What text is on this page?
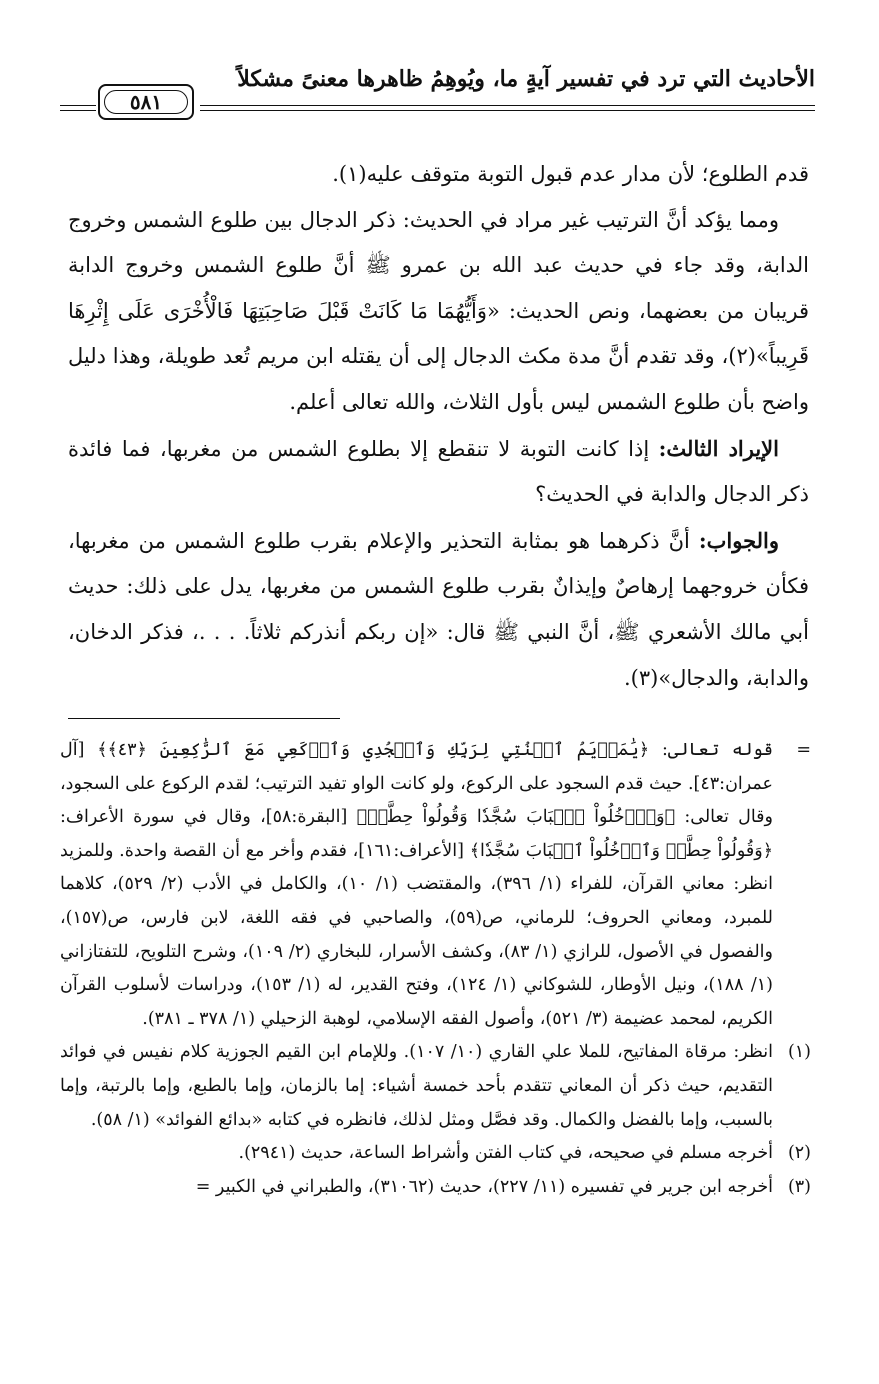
الأحاديث التي ترد في تفسير آيةٍ ما، ويُوهِمُ ظاهرها معنىً مشكلاً
٥٨١

قدم الطلوع؛ لأن مدار عدم قبول التوبة متوقف عليه(١).

ومما يؤكد أنَّ الترتيب غير مراد في الحديث: ذكر الدجال بين طلوع الشمس وخروج الدابة، وقد جاء في حديث عبد الله بن عمرو ﷺ أنَّ طلوع الشمس وخروج الدابة قريبان من بعضهما، ونص الحديث: «وَأَيُّهُمَا مَا كَانَتْ قَبْلَ صَاحِبَتِهَا فَالْأُخْرَى عَلَى إِثْرِهَا قَرِيباً»(٢)، وقد تقدم أنَّ مدة مكث الدجال إلى أن يقتله ابن مريم تُعد طويلة، وهذا دليل واضح بأن طلوع الشمس ليس بأول الثلاث، والله تعالى أعلم.

الإيراد الثالث: إذا كانت التوبة لا تنقطع إلا بطلوع الشمس من مغربها، فما فائدة ذكر الدجال والدابة في الحديث؟

والجواب: أنَّ ذكرهما هو بمثابة التحذير والإعلام بقرب طلوع الشمس من مغربها، فكأن خروجهما إرهاصٌ وإيذانٌ بقرب طلوع الشمس من مغربها، يدل على ذلك: حديث أبي مالك الأشعري ﷺ، أنَّ النبي ﷺ قال: «إن ربكم أنذركم ثلاثاً. . . .، فذكر الدخان، والدابة، والدجال»(٣).

=
قوله تعالى: ﴿يَٰمَرۡيَمُ ٱقۡنُتِي لِرَبِّكِ وَٱسۡجُدِي وَٱرۡكَعِي مَعَ ٱلرَّٰكِعِينَ ﴿٤٣﴾﴾ [آل عمران:٤٣]. حيث قدم السجود على الركوع، ولو كانت الواو تفيد الترتيب؛ لقدم الركوع على السجود، وقال تعالى: ﴿وَٱدۡخُلُواْ ٱلۡبَابَ سُجَّدٗا وَقُولُواْ حِطَّةٞ﴾ [البقرة:٥٨]، وقال في سورة الأعراف: ﴿وَقُولُواْ حِطَّةٞ وَٱدۡخُلُواْ ٱلۡبَابَ سُجَّدٗا﴾ [الأعراف:١٦١]، فقدم وأخر مع أن القصة واحدة. وللمزيد انظر: معاني القرآن، للفراء (١/ ٣٩٦)، والمقتضب (١/ ١٠)، والكامل في الأدب (٢/ ٥٢٩)، كلاهما للمبرد، ومعاني الحروف؛ للرماني، ص(٥٩)، والصاحبي في فقه اللغة، لابن فارس، ص(١٥٧)، والفصول في الأصول، للرازي (١/ ٨٣)، وكشف الأسرار، للبخاري (٢/ ١٠٩)، وشرح التلويح، للتفتازاني (١/ ١٨٨)، ونيل الأوطار، للشوكاني (١/ ١٢٤)، وفتح القدير، له (١/ ١٥٣)، ودراسات لأسلوب القرآن الكريم، لمحمد عضيمة (٣/ ٥٢١)، وأصول الفقه الإسلامي، لوهبة الزحيلي (١/ ٣٧٨ ـ ٣٨١).

(١)
انظر: مرقاة المفاتيح، للملا علي القاري (١٠/ ١٠٧). وللإمام ابن القيم الجوزية كلام نفيس في فوائد التقديم، حيث ذكر أن المعاني تتقدم بأحد خمسة أشياء: إما بالزمان، وإما بالطبع، وإما بالرتبة، وإما بالسبب، وإما بالفضل والكمال. وقد فصَّل ومثل لذلك، فانظره في كتابه «بدائع الفوائد» (١/ ٥٨).

(٢)
أخرجه مسلم في صحيحه، في كتاب الفتن وأشراط الساعة، حديث (٢٩٤١).

(٣)
أخرجه ابن جرير في تفسيره (١١/ ٢٢٧)، حديث (٣١٠٦٢)، والطبراني في الكبير =
